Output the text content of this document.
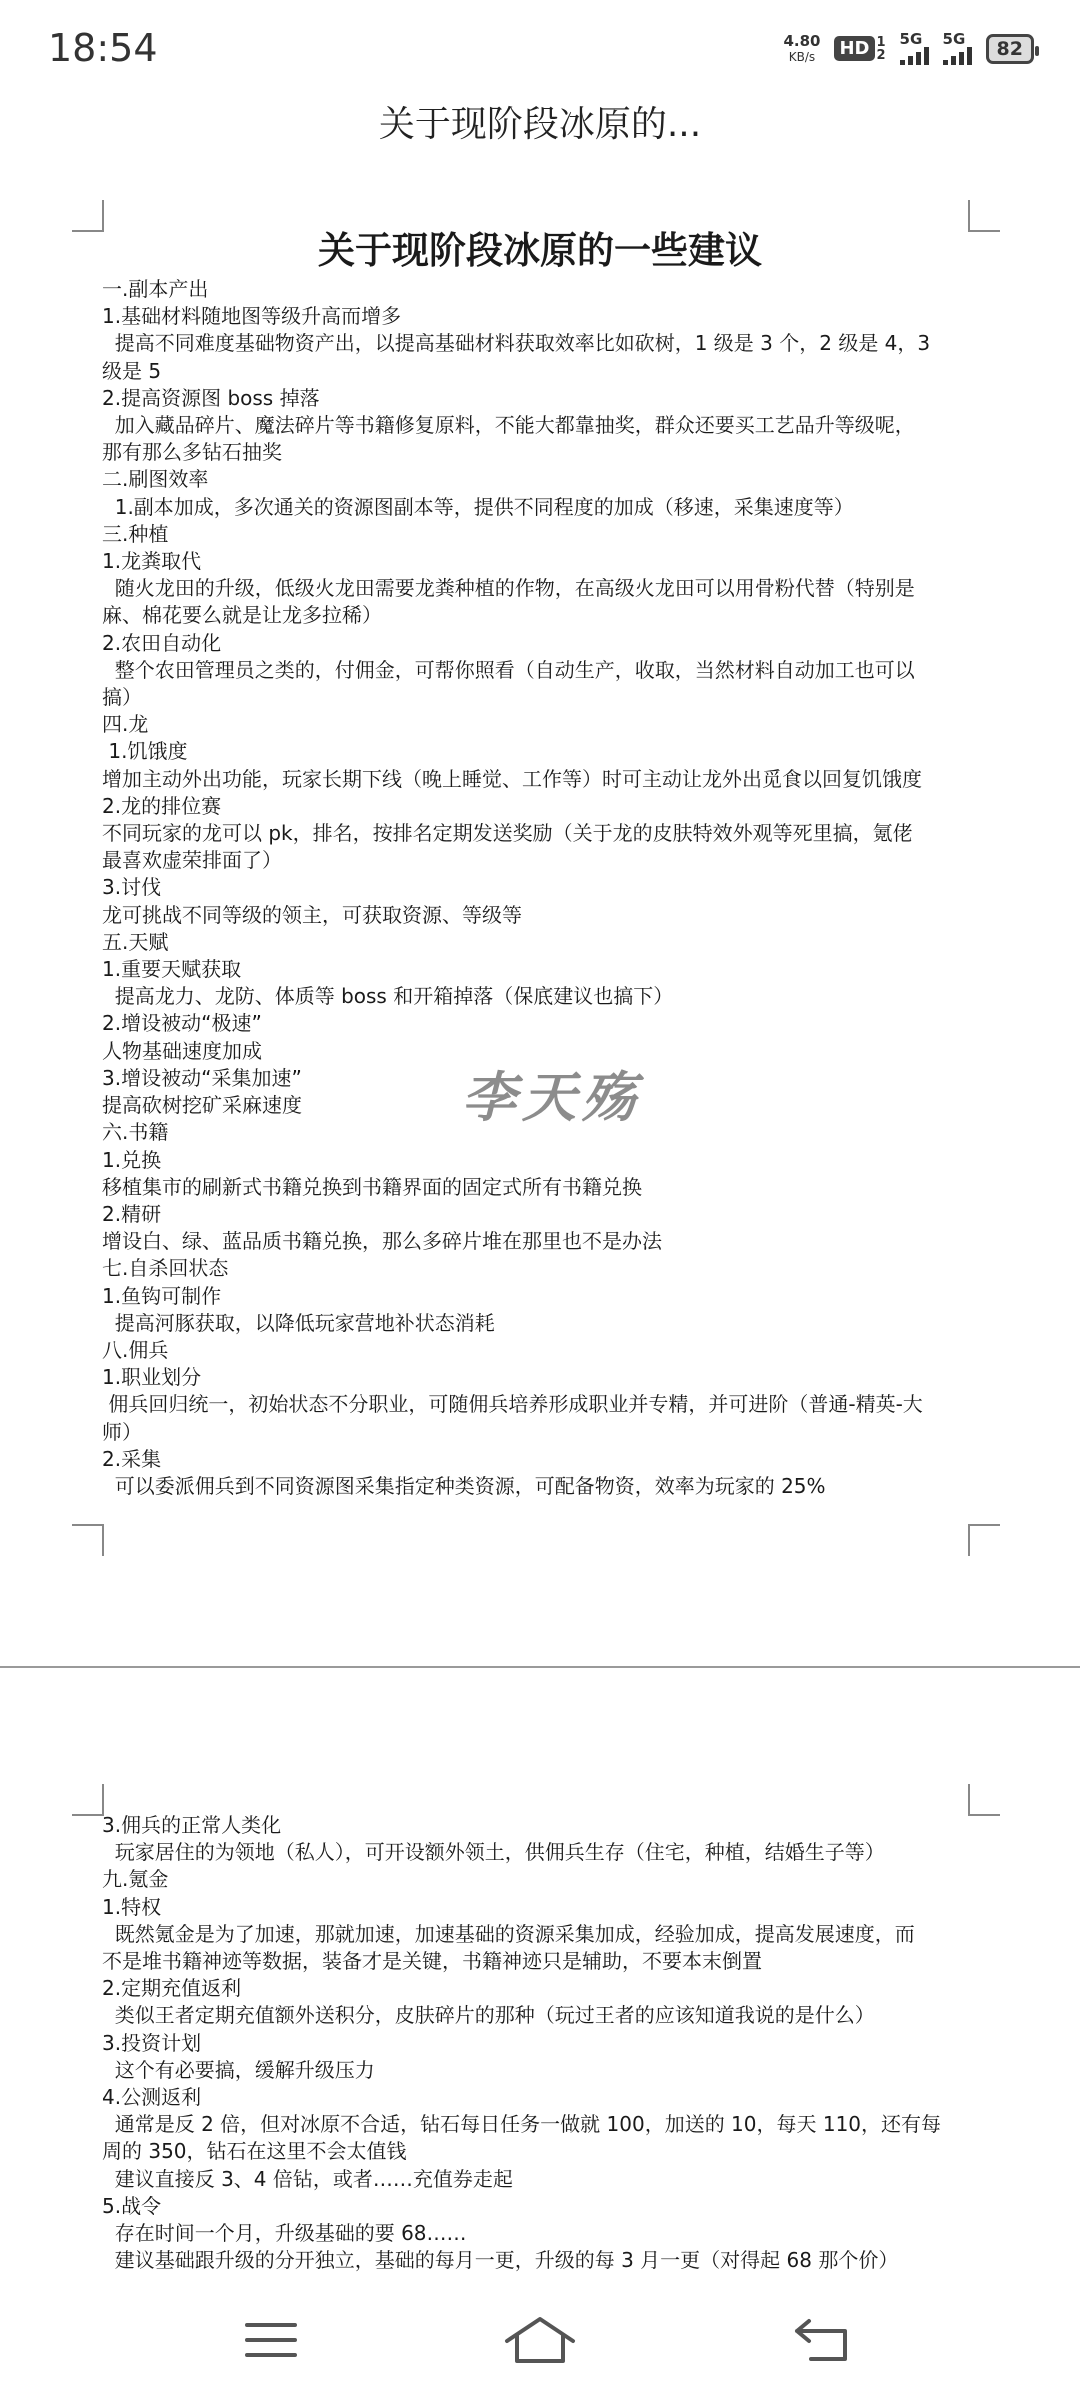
18:54	4.80
KB/s HD 1
2
5G 5G	82
关于现阶段冰原的...
关于现阶段冰原的一些建议

一.副本产出

1.基础材料随地图等级升高而增多

提高不同难度基础物资产出，以提高基础材料获取效率比如砍树，1 级是 3 个，2 级是 4，3

级是 5

2.提高资源图 boss 掉落

加入藏品碎片、魔法碎片等书籍修复原料，不能大都靠抽奖，群众还要买工艺品升等级呢，

那有那么多钻石抽奖

二.刷图效率

1.副本加成，多次通关的资源图副本等，提供不同程度的加成（移速，采集速度等）

三.种植

1.龙粪取代

随火龙田的升级，低级火龙田需要龙粪种植的作物，在高级火龙田可以用骨粉代替（特别是

麻、棉花要么就是让龙多拉稀）

2.农田自动化

整个农田管理员之类的，付佣金，可帮你照看（自动生产，收取，当然材料自动加工也可以

搞）

四.龙

1.饥饿度

增加主动外出功能，玩家长期下线（晚上睡觉、工作等）时可主动让龙外出觅食以回复饥饿度

2.龙的排位赛

不同玩家的龙可以 pk，排名，按排名定期发送奖励（关于龙的皮肤特效外观等死里搞，氪佬

最喜欢虚荣排面了）

3.讨伐

龙可挑战不同等级的领主，可获取资源、等级等

五.天赋

1.重要天赋获取

提高龙力、龙防、体质等 boss 和开箱掉落（保底建议也搞下）

2.增设被动“极速”

人物基础速度加成

3.增设被动“采集加速”

提高砍树挖矿采麻速度

六.书籍

1.兑换

移植集市的刷新式书籍兑换到书籍界面的固定式所有书籍兑换

2.精研

增设白、绿、蓝品质书籍兑换，那么多碎片堆在那里也不是办法

七.自杀回状态

1.鱼钩可制作

提高河豚获取，以降低玩家营地补状态消耗

八.佣兵

1.职业划分

佣兵回归统一，初始状态不分职业，可随佣兵培养形成职业并专精，并可进阶（普通-精英-大

师）

2.采集

可以委派佣兵到不同资源图采集指定种类资源，可配备物资，效率为玩家的 25%

李天殇

3.佣兵的正常人类化

玩家居住的为领地（私人），可开设额外领土，供佣兵生存（住宅，种植，结婚生子等）

九.氪金

1.特权

既然氪金是为了加速，那就加速，加速基础的资源采集加成，经验加成，提高发展速度，而

不是堆书籍神迹等数据，装备才是关键，书籍神迹只是辅助，不要本末倒置

2.定期充值返利

类似王者定期充值额外送积分，皮肤碎片的那种（玩过王者的应该知道我说的是什么）

3.投资计划

这个有必要搞，缓解升级压力

4.公测返利

通常是反 2 倍，但对冰原不合适，钻石每日任务一做就 100，加送的 10，每天 110，还有每

周的 350，钻石在这里不会太值钱

建议直接反 3、4 倍钻，或者……充值券走起

5.战令

存在时间一个月，升级基础的要 68……

建议基础跟升级的分开独立，基础的每月一更，升级的每 3 月一更（对得起 68 那个价）
